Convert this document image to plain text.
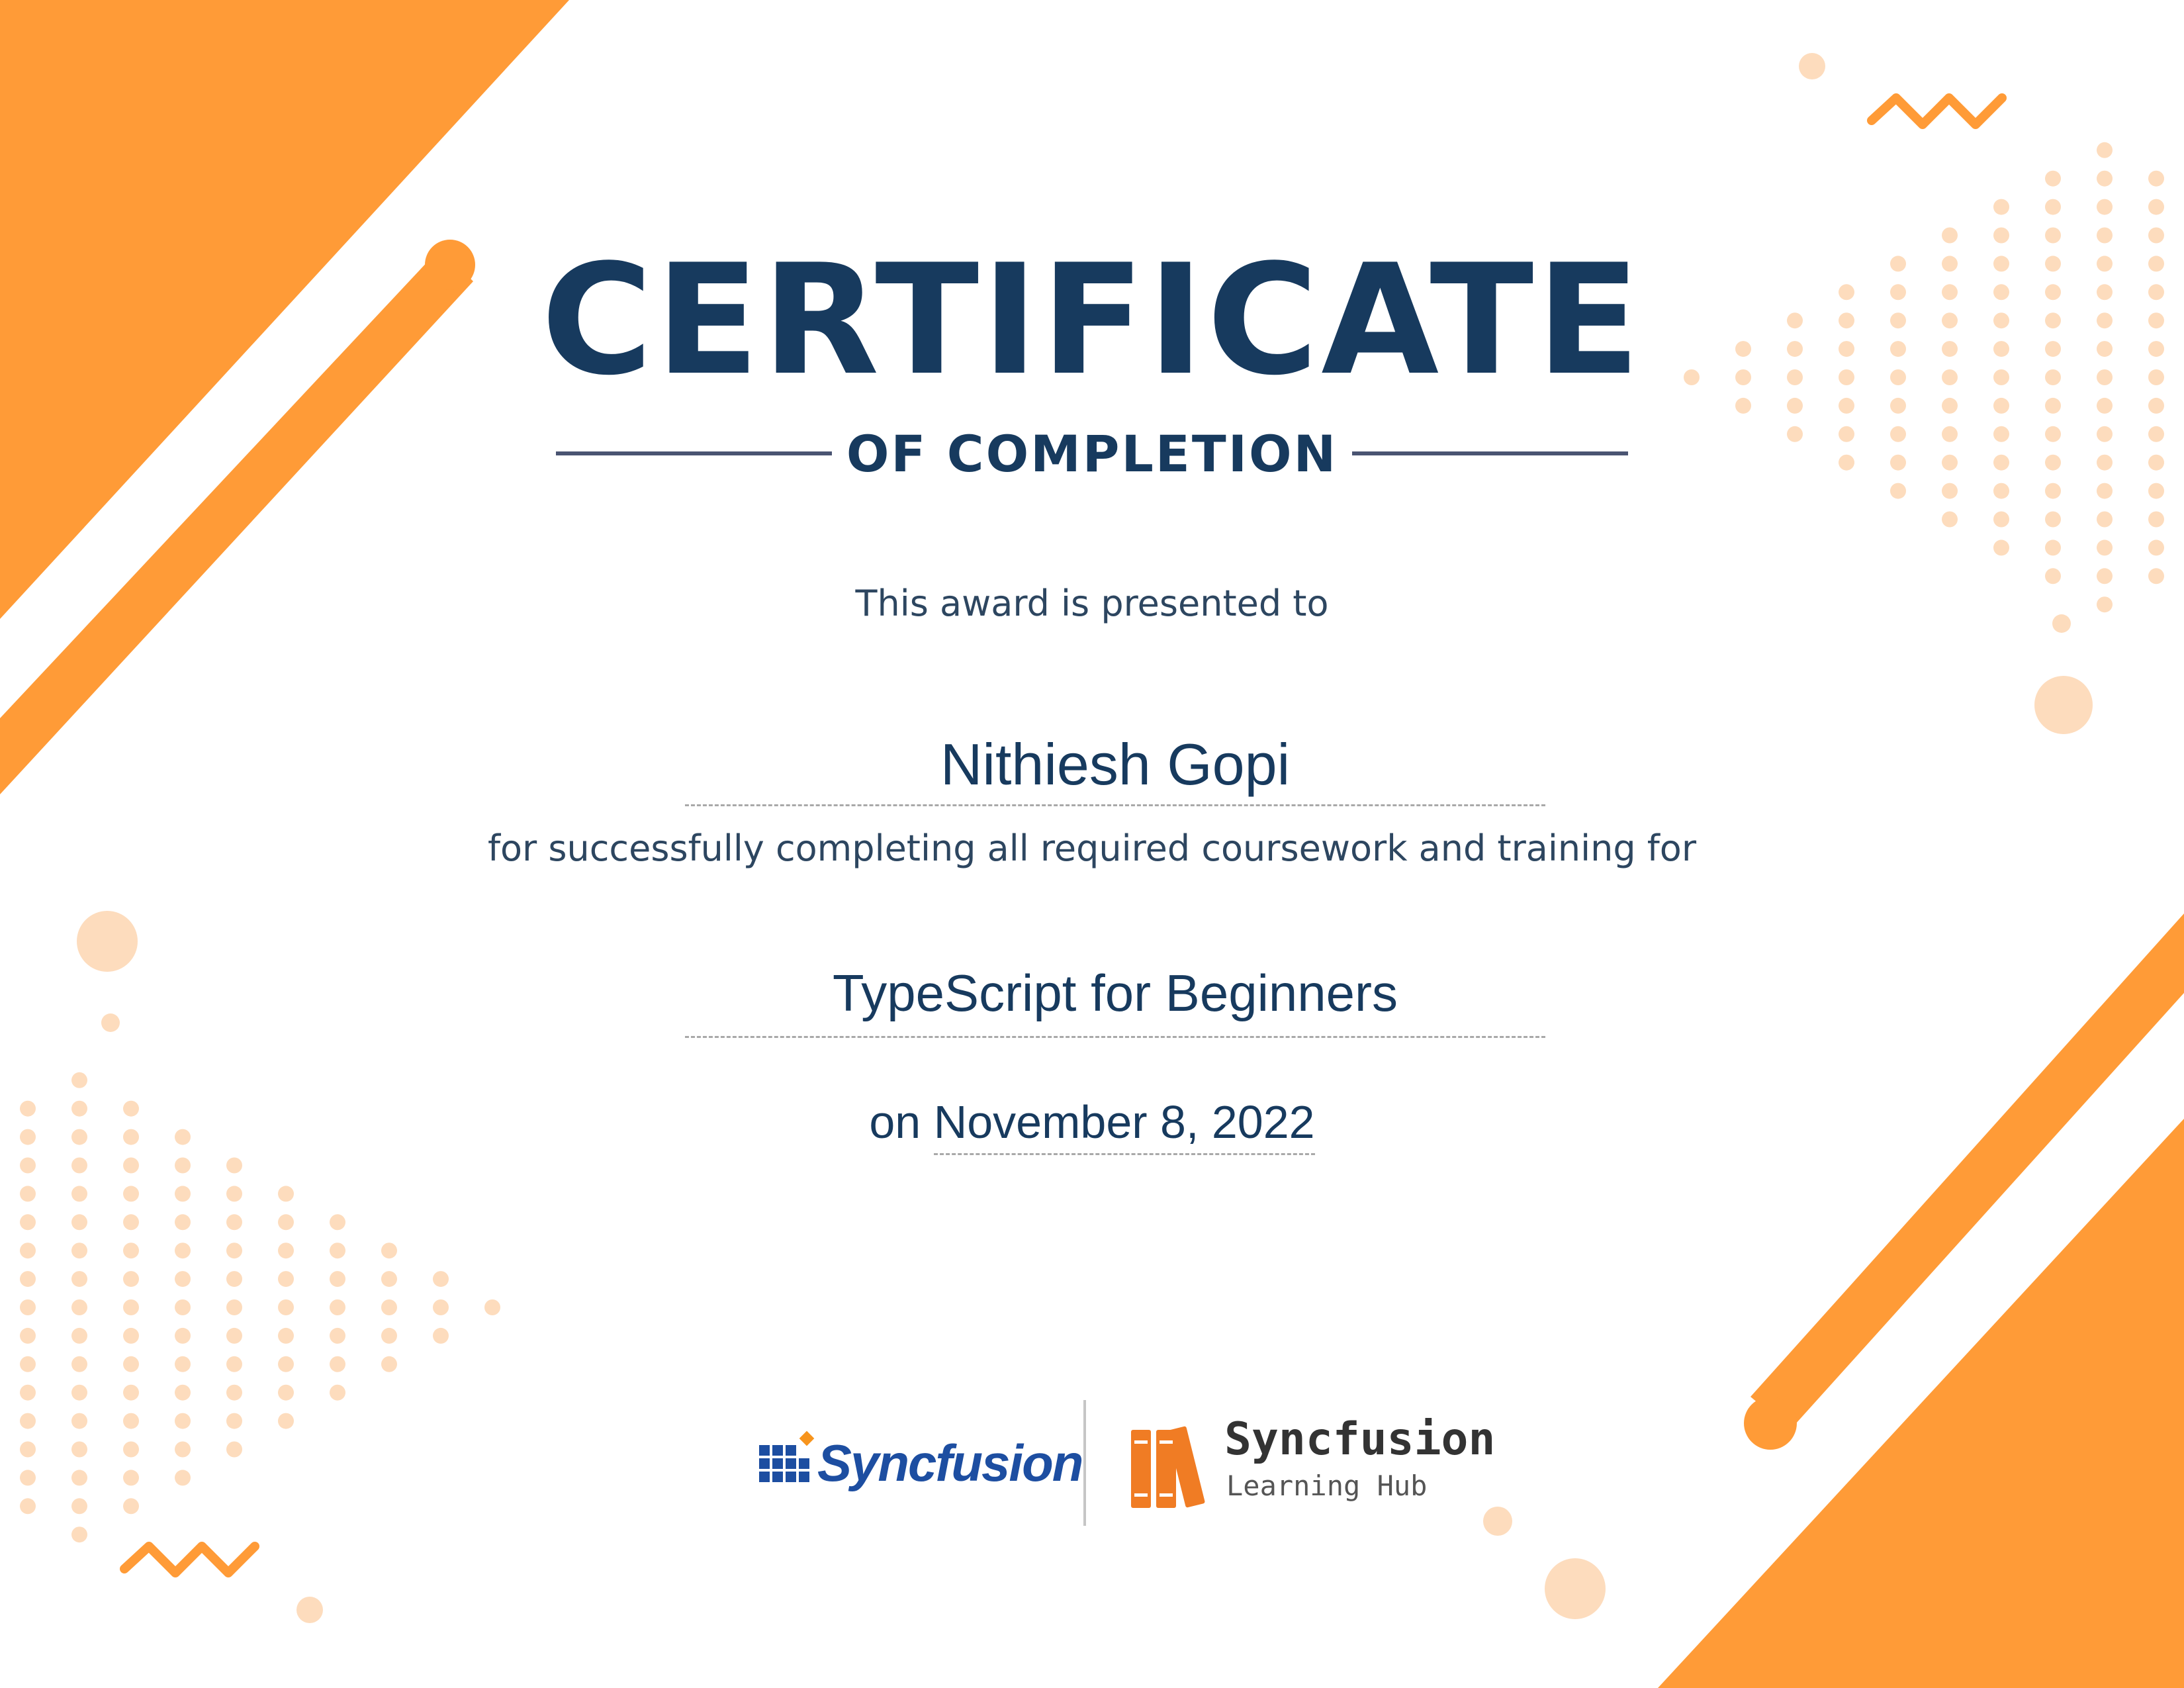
CERTIFICATE
OF COMPLETION
This award is presented to
Nithiesh Gopi
for successfully completing all required coursework and training for
TypeScript for Beginners
on November 8, 2022
Syncfusion	Syncfusion
Learning Hub
